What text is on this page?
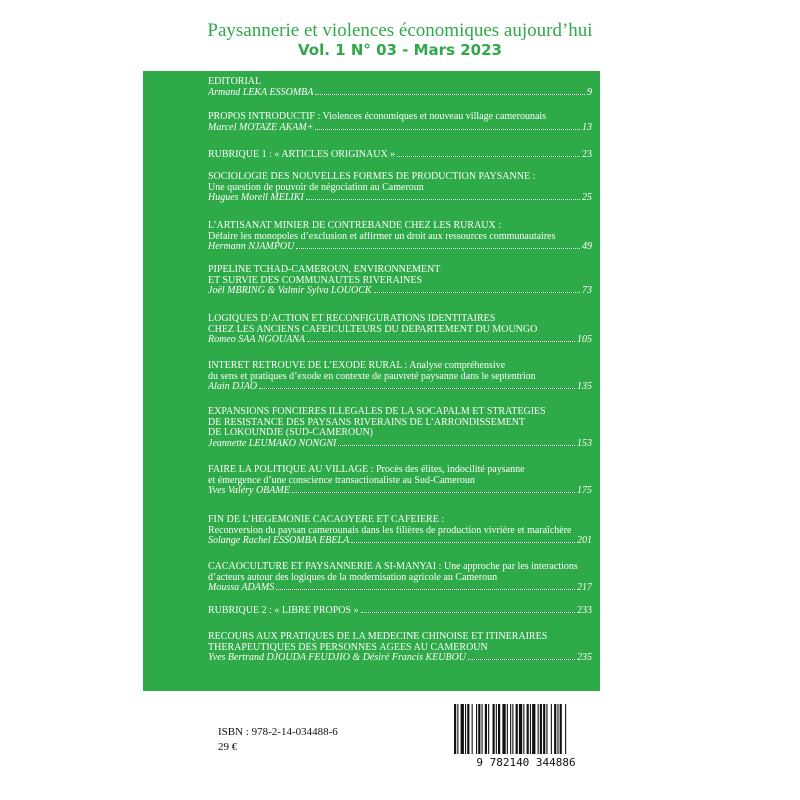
Paysannerie et violences économiques aujourd’hui
Vol. 1 N° 03 - Mars 2023
ÉDITORIAL
Armand LEKA ESSOMBA	9
PROPOS INTRODUCTIF : Violences économiques et nouveau village camerounais
Marcel MOTAZE AKAM+	13
RUBRIQUE 1 : « ARTICLES ORIGINAUX »	23
SOCIOLOGIE DES NOUVELLES FORMES DE PRODUCTION PAYSANNE :
Une question de pouvoir de négociation au Cameroun
Hugues Morell MELIKI	25
L’ARTISANAT MINIER DE CONTREBANDE CHEZ LES RURAUX :
Défaire les monopoles d’exclusion et affirmer un droit aux ressources communautaires
Hermann NJAMPOU	49
PIPELINE TCHAD-CAMEROUN, ENVIRONNEMENT
ET SURVIE DES COMMUNAUTÉS RIVERAINES
Joël MBRING & Valmir Sylva LOUOCK	73
LOGIQUES D’ACTION ET RECONFIGURATIONS IDENTITAIRES
CHEZ LES ANCIENS CAFÉICULTEURS DU DÉPARTEMENT DU MOUNGO
Romeo SAA NGOUANA	105
INTÉRÊT RETROUVÉ DE L’EXODE RURAL : Analyse compréhensive
du sens et pratiques d’exode en contexte de pauvreté paysanne dans le septentrion
Alain DJAO	135
EXPANSIONS FONCIÈRES ILLÉGALES DE LA SOCAPALM ET STRATÉGIES
DE RÉSISTANCE DES PAYSANS RIVERAINS DE L’ARRONDISSEMENT
DE LOKOUNDJE (SUD-CAMEROUN)
Jeannette LEUMAKO NONGNI	153
FAIRE LA POLITIQUE AU VILLAGE : Procès des élites, indocilité paysanne
et émergence d’une conscience transactionaliste au Sud-Cameroun
Yves Valéry OBAME	175
FIN DE L’HÉGÉMONIE CACAOYÈRE ET CAFÉIÈRE :
Reconversion du paysan camerounais dans les filières de production vivrière et maraîchère
Solange Rachel ESSOMBA EBELA	201
CACAOCULTURE ET PAYSANNERIE A SI-MANYAI : Une approche par les interactions
d’acteurs autour des logiques de la modernisation agricole au Cameroun
Moussa ADAMS	217
RUBRIQUE 2 : « LIBRE PROPOS »	233
RECOURS AUX PRATIQUES DE LA MÉDECINE CHINOISE ET ITINÉRAIRES
THÉRAPEUTIQUES DES PERSONNES ÂGÉES AU CAMEROUN
Yves Bertrand DJOUDA FEUDJIO & Désiré Francis KEUBOU	235
ISBN : 978-2-14-034488-6
29 €
9 782140 344886
